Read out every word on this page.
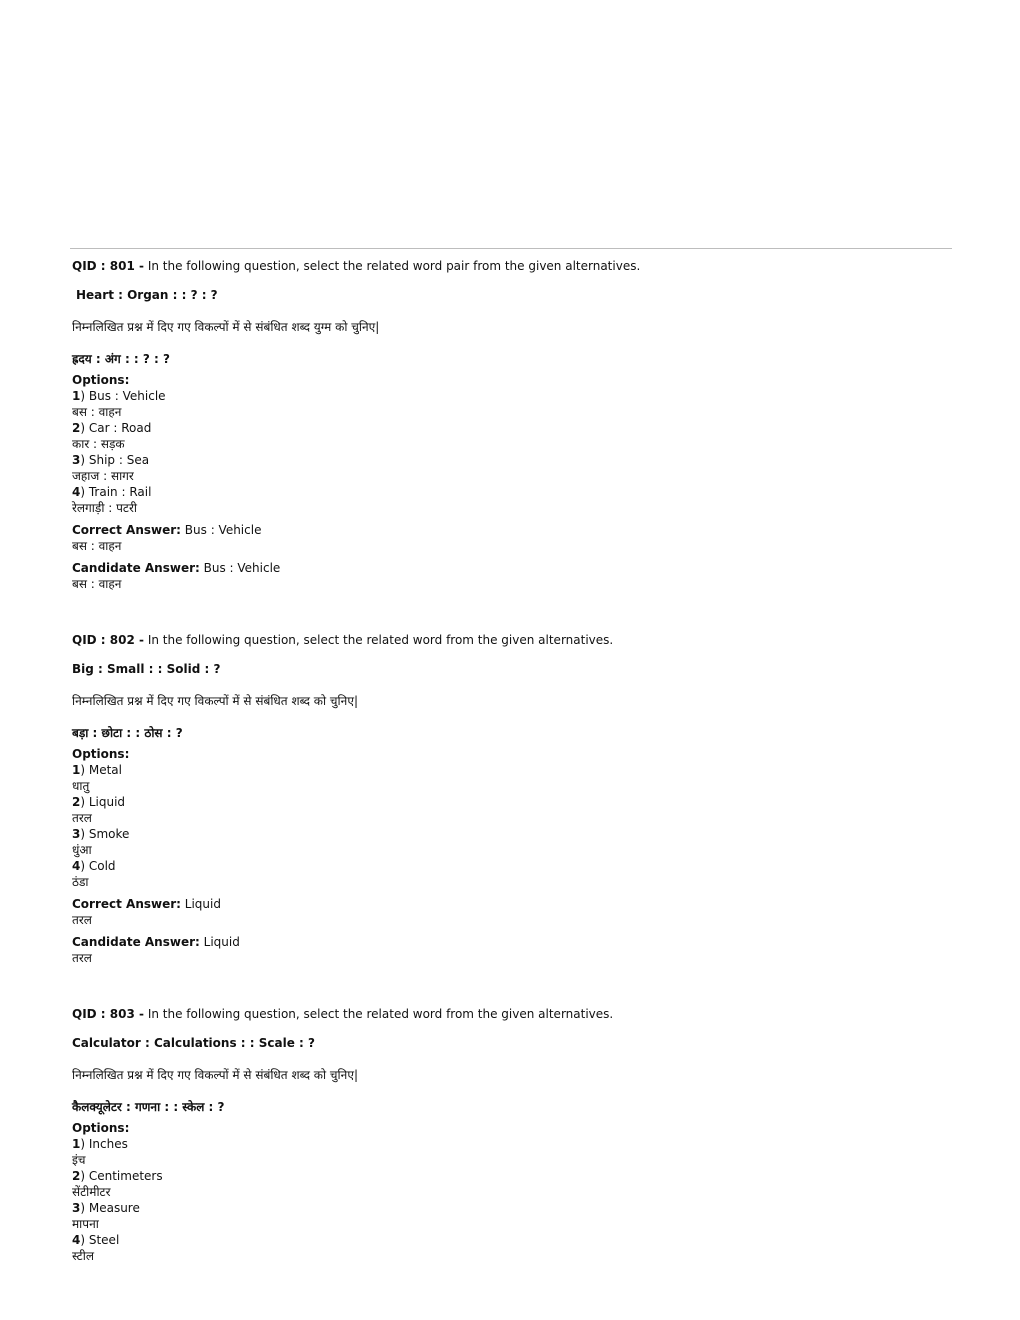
QID : 801 - In the following question, select the related word pair from the given alternatives.

Heart : Organ : : ? : ?

निम्नलिखित प्रश्न में दिए गए विकल्पों में से संबंधित शब्द युग्म को चुनिए|

ह्रदय : अंग : : ? : ?

Options:

1) Bus : Vehicle

बस : वाहन

2) Car : Road

कार : सड़क

3) Ship : Sea

जहाज : सागर

4) Train : Rail

रेलगाड़ी : पटरी

Correct Answer: Bus : Vehicle

बस : वाहन

Candidate Answer: Bus : Vehicle

बस : वाहन

QID : 802 - In the following question, select the related word from the given alternatives.

Big : Small : : Solid : ?

निम्नलिखित प्रश्न में दिए गए विकल्पों में से संबंधित शब्द को चुनिए|

बड़ा : छोटा : : ठोस : ?

Options:

1) Metal

धातु

2) Liquid

तरल

3) Smoke

धुंआ

4) Cold

ठंडा

Correct Answer: Liquid

तरल

Candidate Answer: Liquid

तरल

QID : 803 - In the following question, select the related word from the given alternatives.

Calculator : Calculations : : Scale : ?

निम्नलिखित प्रश्न में दिए गए विकल्पों में से संबंधित शब्द को चुनिए|

कैलक्यूलेटर : गणना : : स्केल : ?

Options:

1) Inches

इंच

2) Centimeters

सेंटीमीटर

3) Measure

मापना

4) Steel

स्टील
